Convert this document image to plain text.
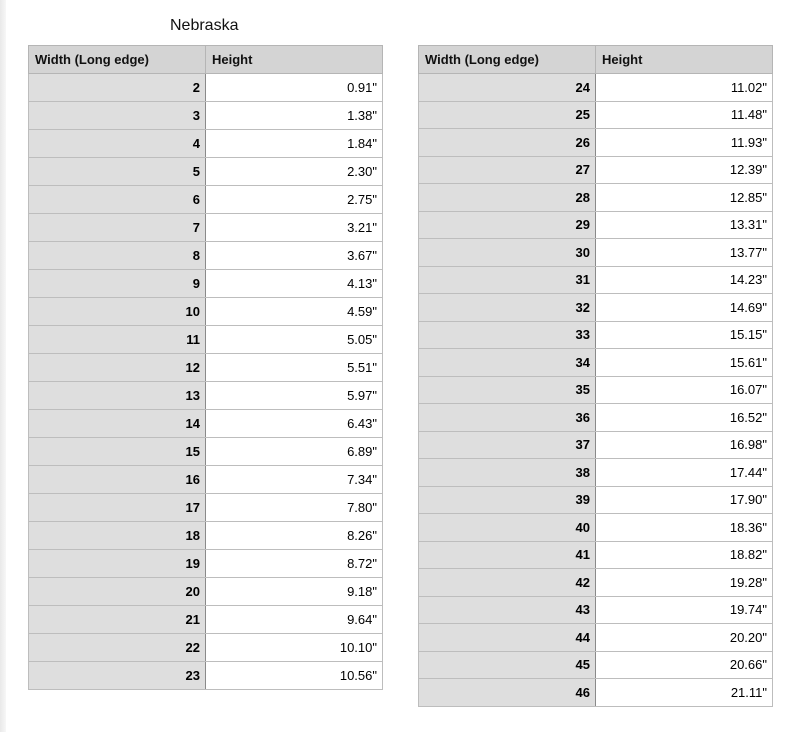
Nebraska
Width (Long edge)	Height
2	0.91"
3	1.38"
4	1.84"
5	2.30"
6	2.75"
7	3.21"
8	3.67"
9	4.13"
10	4.59"
11	5.05"
12	5.51"
13	5.97"
14	6.43"
15	6.89"
16	7.34"
17	7.80"
18	8.26"
19	8.72"
20	9.18"
21	9.64"
22	10.10"
23	10.56"
Width (Long edge)	Height
24	11.02"
25	11.48"
26	11.93"
27	12.39"
28	12.85"
29	13.31"
30	13.77"
31	14.23"
32	14.69"
33	15.15"
34	15.61"
35	16.07"
36	16.52"
37	16.98"
38	17.44"
39	17.90"
40	18.36"
41	18.82"
42	19.28"
43	19.74"
44	20.20"
45	20.66"
46	21.11"
